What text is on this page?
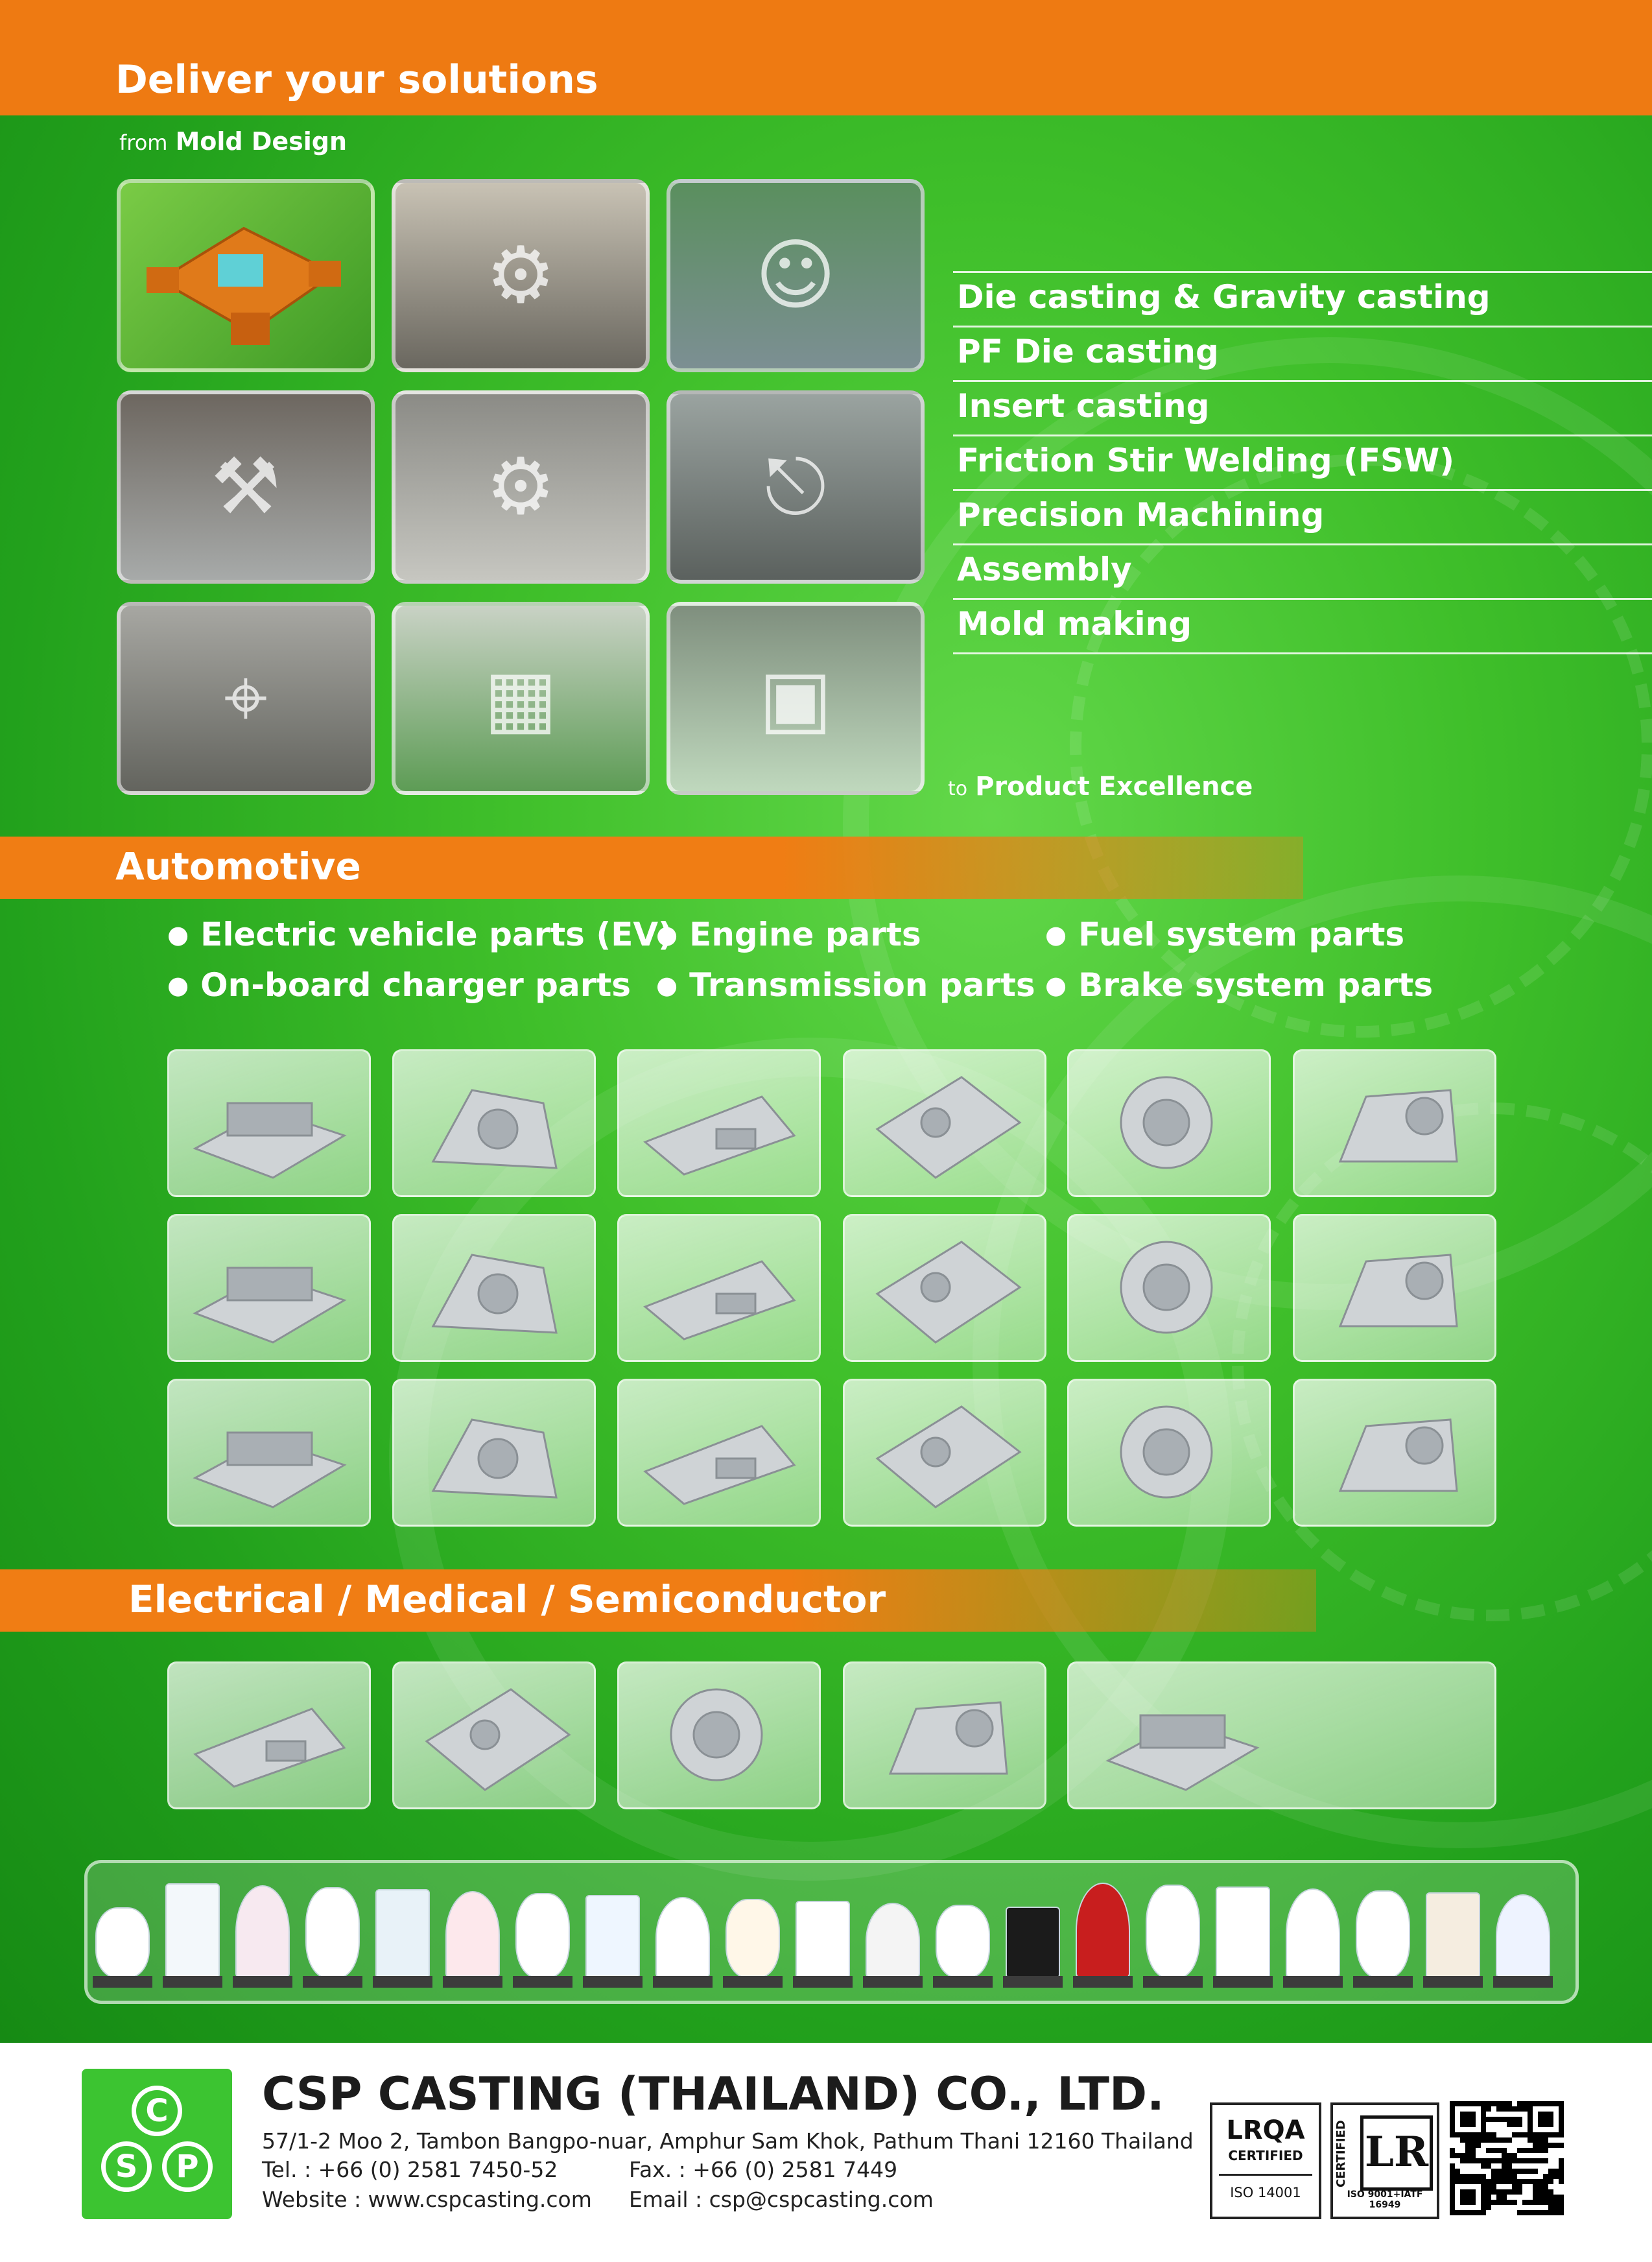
Deliver your solutions
from Mold Design
⚙	☺
⚒	⚙	⎋
⌖	▦	▣
Die casting & Gravity casting
PF Die casting
Insert casting
Friction Stir Welding (FSW)
Precision Machining
Assembly
Mold making
to Product Excellence
Automotive
● Electric vehicle parts (EV) ● Engine parts	● Fuel system parts
● On-board charger parts	● Transmission parts	● Brake system parts
Electrical / Medical / Semiconductor
C
S	P
CSP CASTING (THAILAND) CO., LTD.
57/1-2 Moo 2, Tambon Bangpo-nuar, Amphur Sam Khok, Pathum Thani 12160 Thailand
Tel. : +66 (0) 2581 7450-52	Fax. : +66 (0) 2581 7449
Website : www.cspcasting.com Email : csp@cspcasting.com
LRQA
CERTIFIED
ISO 14001
CERTIFIED LR
ISO 9001+IATF 16949
